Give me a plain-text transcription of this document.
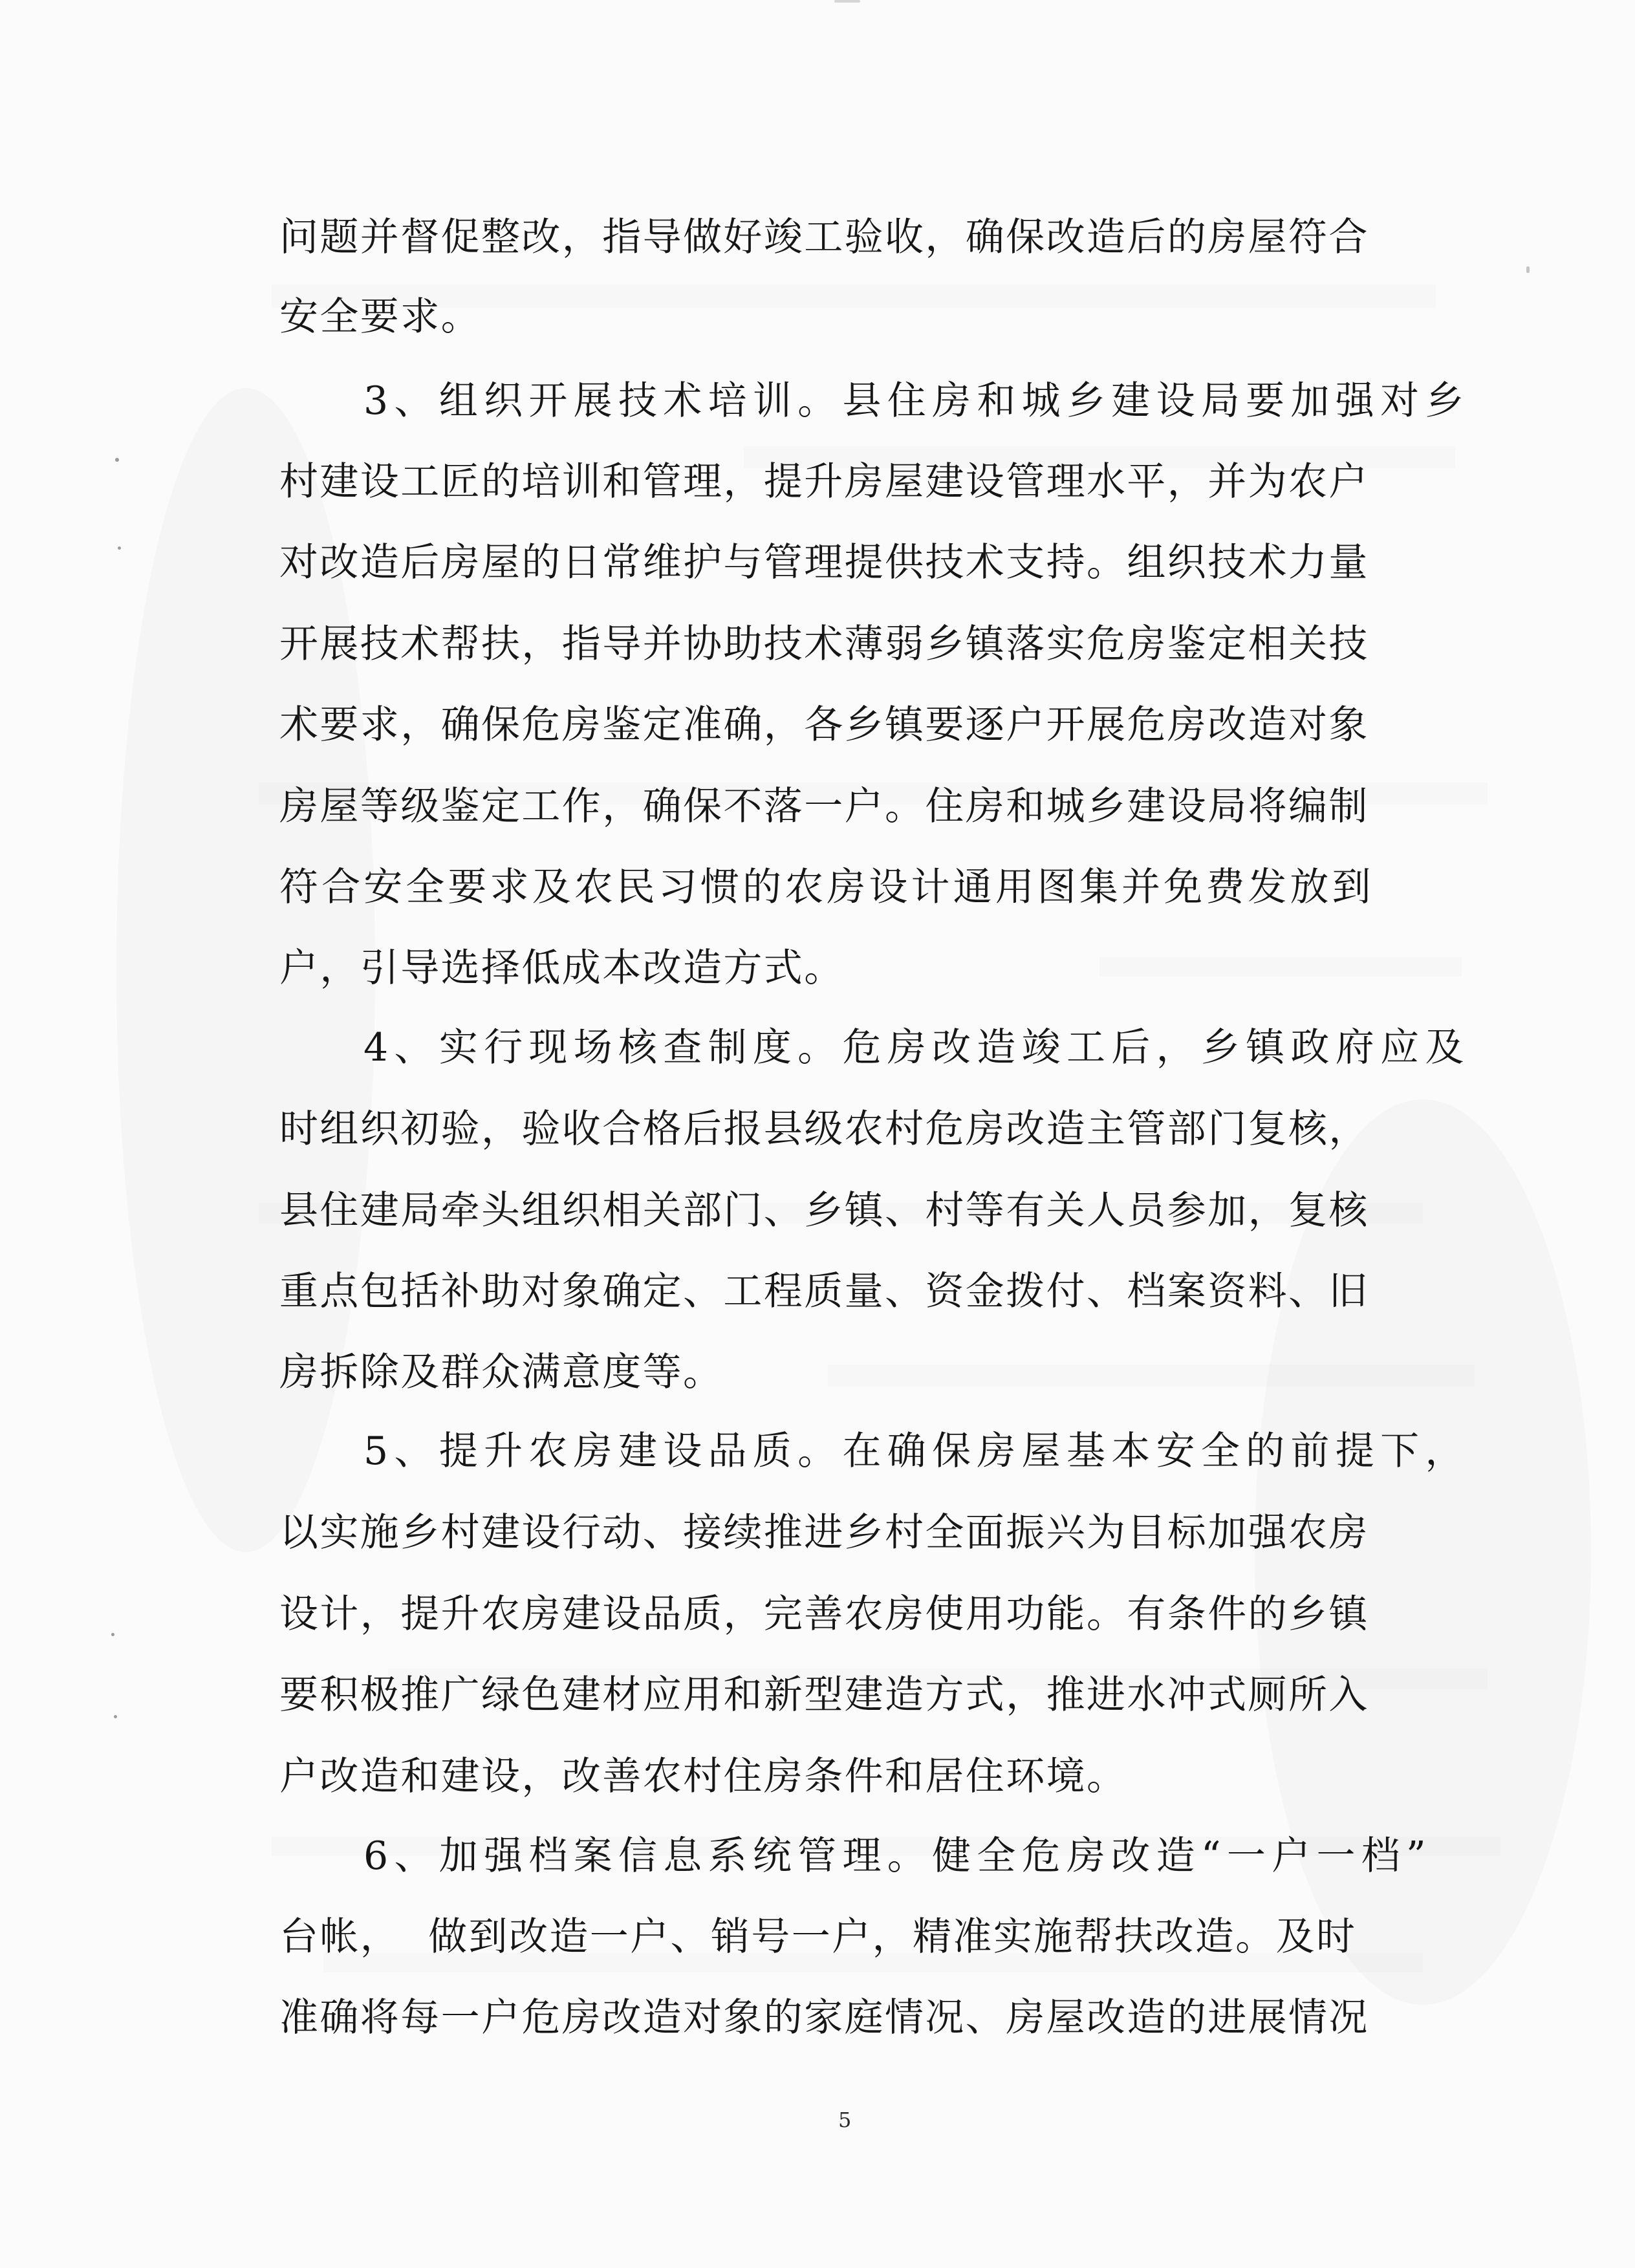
问题并督促整改，指导做好竣工验收，确保改造后的房屋符合
安全要求。
3、组织开展技术培训。县住房和城乡建设局要加强对乡
村建设工匠的培训和管理，提升房屋建设管理水平，并为农户
对改造后房屋的日常维护与管理提供技术支持。组织技术力量
开展技术帮扶，指导并协助技术薄弱乡镇落实危房鉴定相关技
术要求，确保危房鉴定准确，各乡镇要逐户开展危房改造对象
房屋等级鉴定工作，确保不落一户。住房和城乡建设局将编制
符合安全要求及农民习惯的农房设计通用图集并免费发放到
户，引导选择低成本改造方式。
4、实行现场核查制度。危房改造竣工后，乡镇政府应及
时组织初验，验收合格后报县级农村危房改造主管部门复核，
县住建局牵头组织相关部门、乡镇、村等有关人员参加，复核
重点包括补助对象确定、工程质量、资金拨付、档案资料、旧
房拆除及群众满意度等。
5、提升农房建设品质。在确保房屋基本安全的前提下，
以实施乡村建设行动、接续推进乡村全面振兴为目标加强农房
设计，提升农房建设品质，完善农房使用功能。有条件的乡镇
要积极推广绿色建材应用和新型建造方式，推进水冲式厕所入
户改造和建设，改善农村住房条件和居住环境。
6、加强档案信息系统管理。健全危房改造“一户一档”
台帐，  做到改造一户、销号一户，精准实施帮扶改造。及时
准确将每一户危房改造对象的家庭情况、房屋改造的进展情况
5
